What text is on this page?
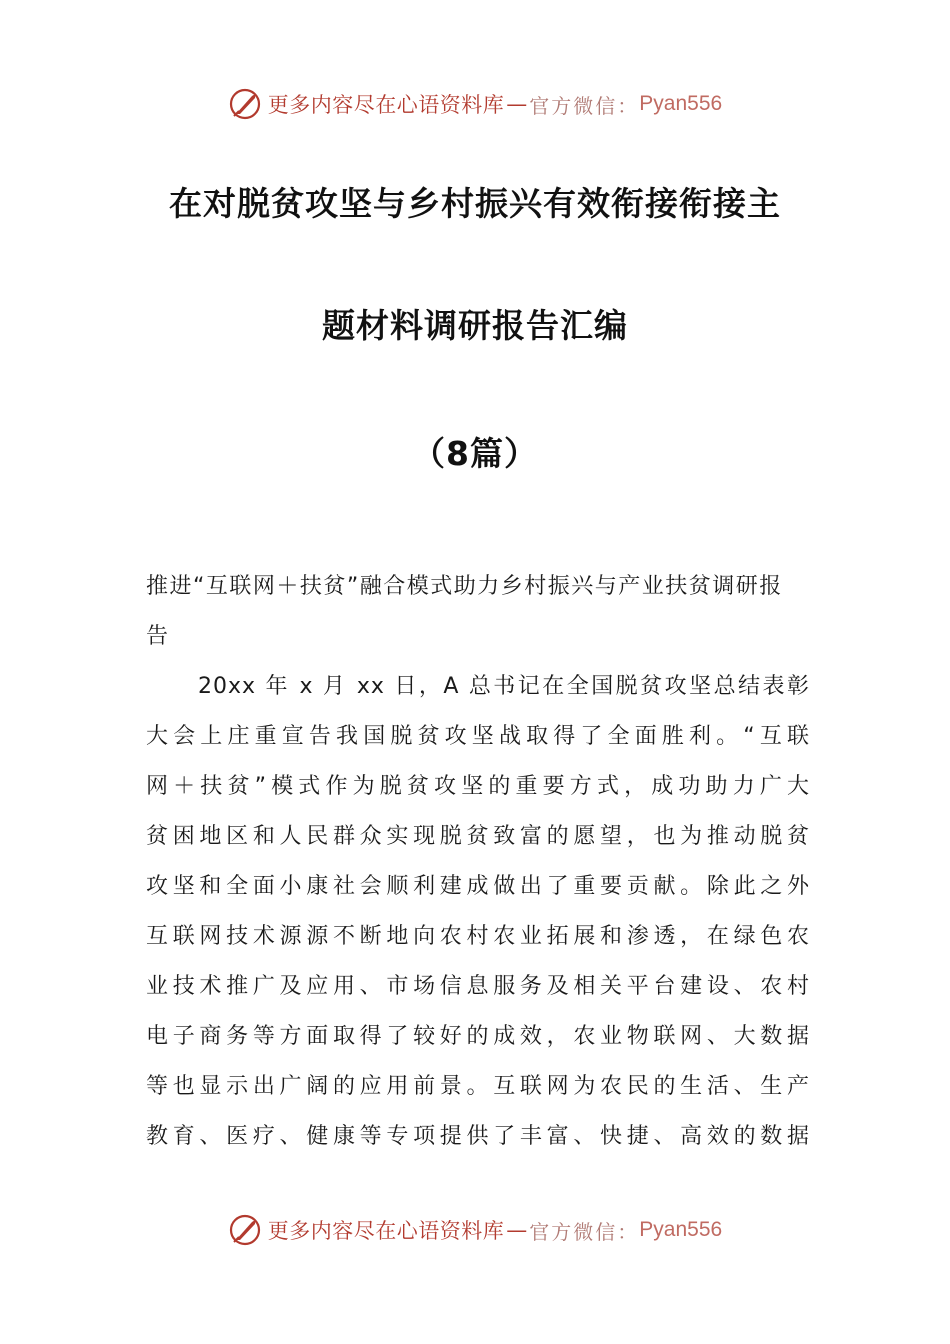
更多内容尽在心语资料库 — 官方微信： Pyan556
在对脱贫攻坚与乡村振兴有效衔接衔接主
题材料调研报告汇编
（8篇）
推进“互联网＋扶贫”融合模式助力乡村振兴与产业扶贫调研报告
20xx 年 x 月 xx 日，A 总书记在全国脱贫攻坚总结表彰
大会上庄重宣告我国脱贫攻坚战取得了全面胜利。“互联
网＋扶贫”模式作为脱贫攻坚的重要方式，成功助力广大
贫困地区和人民群众实现脱贫致富的愿望，也为推动脱贫
攻坚和全面小康社会顺利建成做出了重要贡献。除此之外
互联网技术源源不断地向农村农业拓展和渗透，在绿色农
业技术推广及应用、市场信息服务及相关平台建设、农村
电子商务等方面取得了较好的成效，农业物联网、大数据
等也显示出广阔的应用前景。互联网为农民的生活、生产
教育、医疗、健康等专项提供了丰富、快捷、高效的数据
更多内容尽在心语资料库 — 官方微信： Pyan556
